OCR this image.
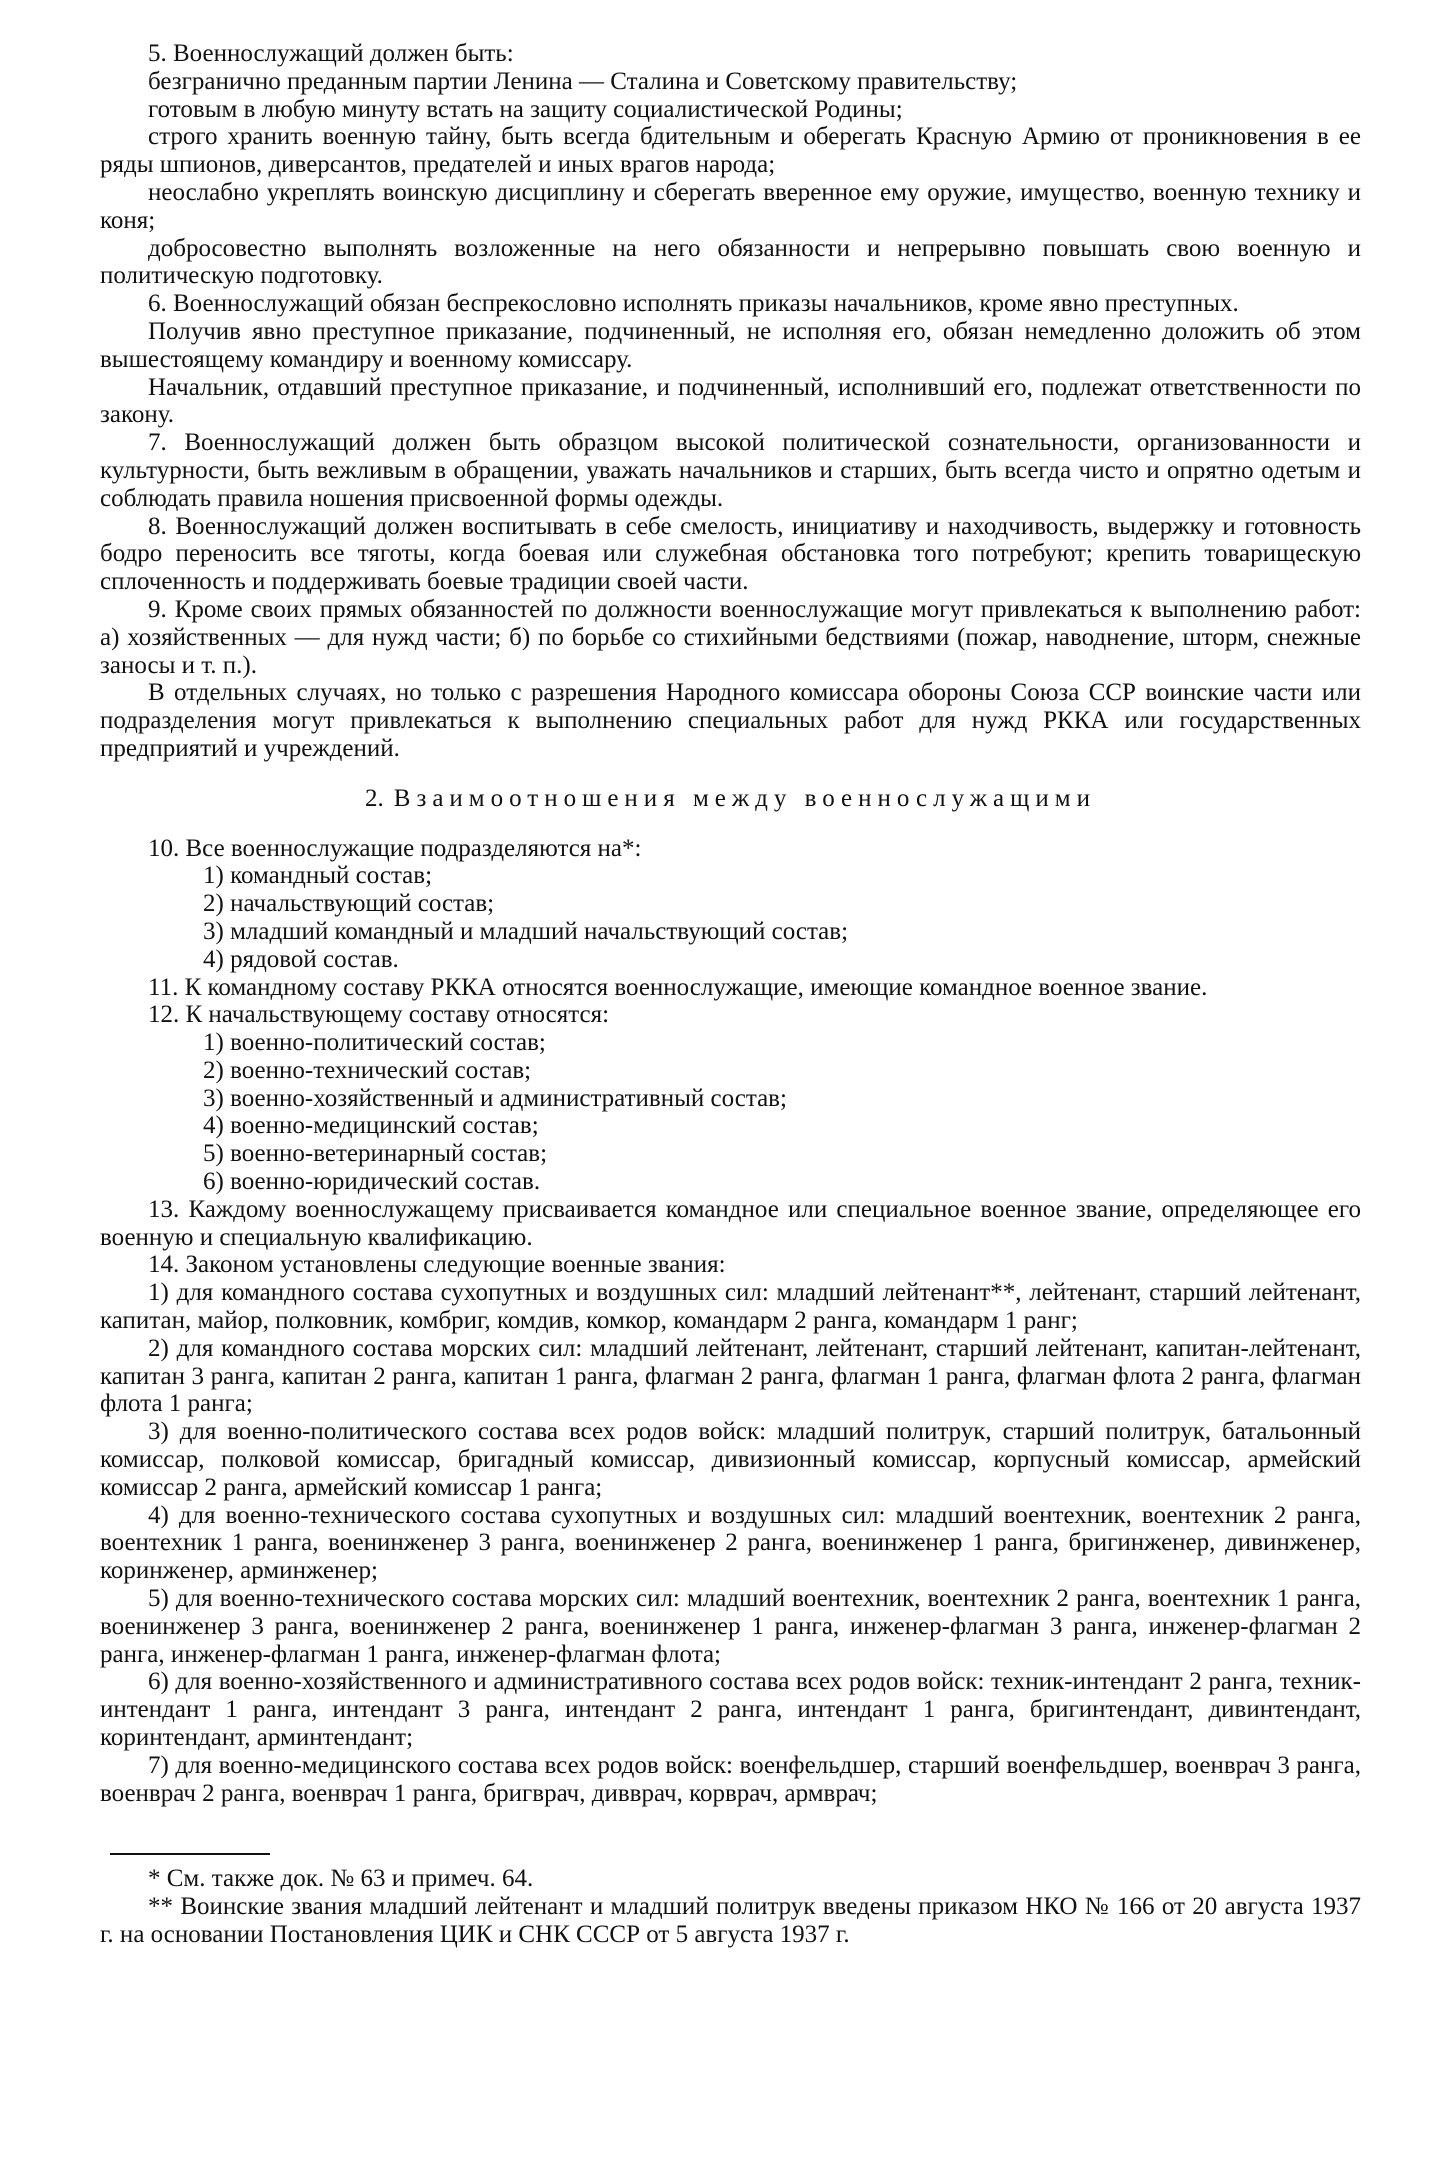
5. Военнослужащий должен быть:

безгранично преданным партии Ленина — Сталина и Советскому правительству;

готовым в любую минуту встать на защиту социалистической Родины;

строго хранить военную тайну, быть всегда бдительным и оберегать Красную Армию от проникновения в ее ряды шпионов, диверсантов, предателей и иных врагов народа;

неослабно укреплять воинскую дисциплину и сберегать вверенное ему оружие, имущество, военную технику и коня;

добросовестно выполнять возложенные на него обязанности и непрерывно повышать свою военную и политическую подготовку.

6. Военнослужащий обязан беспрекословно исполнять приказы начальников, кроме явно преступных.

Получив явно преступное приказание, подчиненный, не исполняя его, обязан немедленно доложить об этом вышестоящему командиру и военному комиссару.

Начальник, отдавший преступное приказание, и подчиненный, исполнивший его, подлежат ответственности по закону.

7. Военнослужащий должен быть образцом высокой политической сознательности, организованности и культурности, быть вежливым в обращении, уважать начальников и старших, быть всегда чисто и опрятно одетым и соблюдать правила ношения присвоенной формы одежды.

8. Военнослужащий должен воспитывать в себе смелость, инициативу и находчивость, выдержку и готовность бодро переносить все тяготы, когда боевая или служебная обстановка того потребуют; крепить товарищескую сплоченность и поддерживать боевые традиции своей части.

9. Кроме своих прямых обязанностей по должности военнослужащие могут привлекаться к выполнению работ: а) хозяйственных — для нужд части; б) по борьбе со стихийными бедствиями (пожар, наводнение, шторм, снежные заносы и т. п.).

В отдельных случаях, но только с разрешения Народного комиссара обороны Союза ССР воинские части или подразделения могут привлекаться к выполнению специальных работ для нужд РККА или государственных предприятий и учреждений.

2. Взаимоотношения между военнослужащими

10. Все военнослужащие подразделяются на*:

1) командный состав;

2) начальствующий состав;

3) младший командный и младший начальствующий состав;

4) рядовой состав.

11. К командному составу РККА относятся военнослужащие, имеющие командное военное звание.

12. К начальствующему составу относятся:

1) военно-политический состав;

2) военно-технический состав;

3) военно-хозяйственный и административный состав;

4) военно-медицинский состав;

5) военно-ветеринарный состав;

6) военно-юридический состав.

13. Каждому военнослужащему присваивается командное или специальное военное звание, определяющее его военную и специальную квалификацию.

14. Законом установлены следующие военные звания:

1) для командного состава сухопутных и воздушных сил: младший лейтенант**, лейтенант, старший лейтенант, капитан, майор, полковник, комбриг, комдив, комкор, командарм 2 ранга, командарм 1 ранг;

2) для командного состава морских сил: младший лейтенант, лейтенант, старший лейтенант, капитан-лейтенант, капитан 3 ранга, капитан 2 ранга, капитан 1 ранга, флагман 2 ранга, флагман 1 ранга, флагман флота 2 ранга, флагман флота 1 ранга;

3) для военно-политического состава всех родов войск: младший политрук, старший политрук, батальонный комиссар, полковой комиссар, бригадный комиссар, дивизионный комиссар, корпусный комиссар, армейский комиссар 2 ранга, армейский комиссар 1 ранга;

4) для военно-технического состава сухопутных и воздушных сил: младший воентехник, воентехник 2 ранга, воентехник 1 ранга, военинженер 3 ранга, военинженер 2 ранга, военинженер 1 ранга, бригинженер, дивинженер, коринженер, арминженер;

5) для военно-технического состава морских сил: младший воентехник, воентехник 2 ранга, воентехник 1 ранга, военинженер 3 ранга, военинженер 2 ранга, военинженер 1 ранга, инженер-флагман 3 ранга, инженер-флагман 2 ранга, инженер-флагман 1 ранга, инженер-флагман флота;

6) для военно-хозяйственного и административного состава всех родов войск: техник-интендант 2 ранга, техник-интендант 1 ранга, интендант 3 ранга, интендант 2 ранга, интендант 1 ранга, бригинтендант, дивинтендант, коринтендант, арминтендант;

7) для военно-медицинского состава всех родов войск: военфельдшер, старший военфельдшер, военврач 3 ранга, военврач 2 ранга, военврач 1 ранга, бригврач, дивврач, корврач, армврач;

* См. также док. № 63 и примеч. 64.

** Воинские звания младший лейтенант и младший политрук введены приказом НКО № 166 от 20 августа 1937 г. на основании Постановления ЦИК и СНК СССР от 5 августа 1937 г.
